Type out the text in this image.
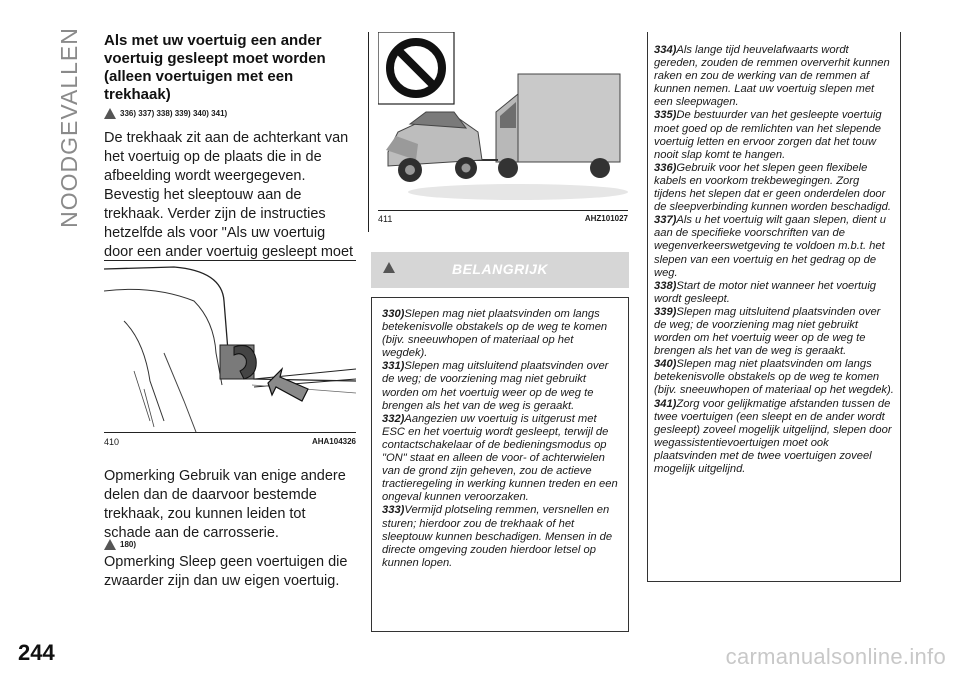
NOODGEVALLEN Als met uw voertuig een ander voertuig gesleept moet worden (alleen voertuigen met een trekhaak)
336) 337) 338) 339) 340) 341)

De trekhaak zit aan de achterkant van het voertuig op de plaats die in de afbeelding wordt weergegeven. Bevestig het sleeptouw aan de trekhaak. Verder zijn de instructies hetzelfde als voor "Als uw voertuig door een ander voertuig gesleept moet

410	AHA104326

Opmerking Gebruik van enige andere delen dan de daarvoor bestemde trekhaak, zou kunnen leiden tot schade aan de carrosserie.

180)

Opmerking Sleep geen voertuigen die zwaarder zijn dan uw eigen voertuig.

411	AHZ101027
BELANGRIJK

330)Slepen mag niet plaatsvinden om langs betekenisvolle obstakels op de weg te komen (bijv. sneeuwhopen of materiaal op het wegdek).

331)Slepen mag uitsluitend plaatsvinden over de weg; de voorziening mag niet gebruikt worden om het voertuig weer op de weg te brengen als het van de weg is geraakt.

332)Aangezien uw voertuig is uitgerust met ESC en het voertuig wordt gesleept, terwijl de contactschakelaar of de bedieningsmodus op "ON" staat en alleen de voor- of achterwielen van de grond zijn geheven, zou de actieve tractieregeling in werking kunnen treden en een ongeval kunnen veroorzaken.

333)Vermijd plotseling remmen, versnellen en sturen; hierdoor zou de trekhaak of het sleeptouw kunnen beschadigen. Mensen in de directe omgeving zouden hierdoor letsel op kunnen lopen.

334)Als lange tijd heuvelafwaarts wordt gereden, zouden de remmen oververhit kunnen raken en zou de werking van de remmen af kunnen nemen. Laat uw voertuig slepen met een sleepwagen.

335)De bestuurder van het gesleepte voertuig moet goed op de remlichten van het slepende voertuig letten en ervoor zorgen dat het touw nooit slap komt te hangen.

336)Gebruik voor het slepen geen flexibele kabels en voorkom trekbewegingen. Zorg tijdens het slepen dat er geen onderdelen door de sleepverbinding kunnen worden beschadigd.

337)Als u het voertuig wilt gaan slepen, dient u aan de specifieke voorschriften van de wegenverkeerswetgeving te voldoen m.b.t. het slepen van een voertuig en het gedrag op de weg.

338)Start de motor niet wanneer het voertuig wordt gesleept.

339)Slepen mag uitsluitend plaatsvinden over de weg; de voorziening mag niet gebruikt worden om het voertuig weer op de weg te brengen als het van de weg is geraakt.

340)Slepen mag niet plaatsvinden om langs betekenisvolle obstakels op de weg te komen (bijv. sneeuwhopen of materiaal op het wegdek).

341)Zorg voor gelijkmatige afstanden tussen de twee voertuigen (een sleept en de ander wordt gesleept) zoveel mogelijk uitgelijnd, slepen door wegassistentievoertuigen moet ook plaatsvinden met de twee voertuigen zoveel mogelijk uitgelijnd.

244	carmanualsonline.info
